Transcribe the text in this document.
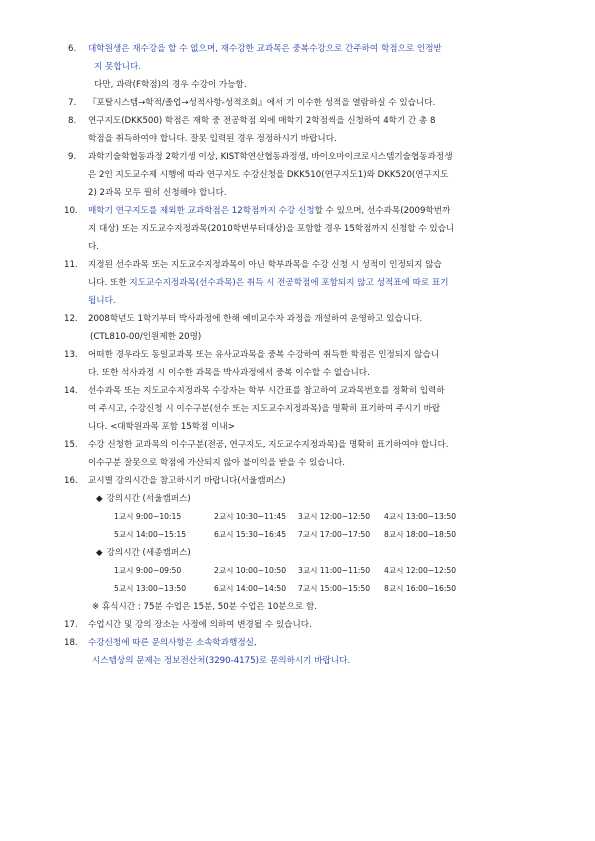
6.	대학원생은 재수강을 할 수 없으며, 재수강한 교과목은 중복수강으로 간주하여 학점으로 인정받
지 못합니다.
다만, 과락(F학점)의 경우 수강이 가능함.
7.	『포탈시스템→학적/졸업→성적사항-성적조회』에서 기 이수한 성적을 열람하실 수 있습니다.
8.	연구지도(DKK500) 학점은 재학 중 전공학점 외에 매학기 2학점씩을 신청하여 4학기 간 총 8
학점을 취득하여야 합니다. 잘못 입력된 경우 정정하시기 바랍니다.
9.	과학기술학협동과정 2학기생 이상, KIST학연산협동과정생, 바이오마이크로시스템기술협동과정생
은 2인 지도교수제 시행에 따라 연구지도 수강신청을 DKK510(연구지도1)와 DKK520(연구지도
2) 2과목 모두 필히 신청해야 합니다.
10.	매학기 연구지도를 제외한 교과학점은 12학점까지 수강 신청할 수 있으며, 선수과목(2009학번까
지 대상) 또는 지도교수지정과목(2010학번부터대상)을 포함할 경우 15학점까지 신청할 수 있습니
다.
11.	지정된 선수과목 또는 지도교수지정과목이 아닌 학부과목을 수강 신청 시 성적이 인정되지 않습
니다. 또한 지도교수지정과목(선수과목)은 취득 시 전공학점에 포함되지 않고 성적표에 따로 표기
됩니다.
12.	2008학년도 1학기부터 박사과정에 한해 예비교수자 과정을 개설하여 운영하고 있습니다.
(CTL810-00/인원제한 20명)
13.	어떠한 경우라도 동일교과목 또는 유사교과목을 중복 수강하여 취득한 학점은 인정되지 않습니
다. 또한 석사과정 시 이수한 과목을 박사과정에서 중복 이수할 수 없습니다.
14.	선수과목 또는 지도교수지정과목 수강자는 학부 시간표를 참고하여 교과목번호를 정확히 입력하
여 주시고, 수강신청 시 이수구분(선수 또는 지도교수지정과목)을 명확히 표기하여 주시기 바랍
니다. <대학원과목 포함 15학점 이내>
15.	수강 신청한 교과목의 이수구분(전공, 연구지도, 지도교수지정과목)을 명확히 표기하여야 합니다.
이수구분 잘못으로 학점에 가산되지 않아 불이익을 받을 수 있습니다.
16.	교시별 강의시간을 참고하시기 바랍니다(서울캠퍼스)
◆ 강의시간 (서울캠퍼스)
1교시 9:00~10:15	2교시 10:30~11:45 3교시 12:00~12:50 4교시 13:00~13:50
5교시 14:00~15:15	6교시 15:30~16:45 7교시 17:00~17:50 8교시 18:00~18:50
◆ 강의시간 (세종캠퍼스)
1교시 9:00~09:50	2교시 10:00~10:50 3교시 11:00~11:50 4교시 12:00~12:50
5교시 13:00~13:50	6교시 14:00~14:50 7교시 15:00~15:50 8교시 16:00~16:50
※ 휴식시간 : 75분 수업은 15분, 50분 수업은 10분으로 함.
17.	수업시간 및 강의 장소는 사정에 의하여 변경될 수 있습니다.
18.	수강신청에 따른 문의사항은 소속학과행정실,
시스템상의 문제는 정보전산처(3290-4175)로 문의하시기 바랍니다.
